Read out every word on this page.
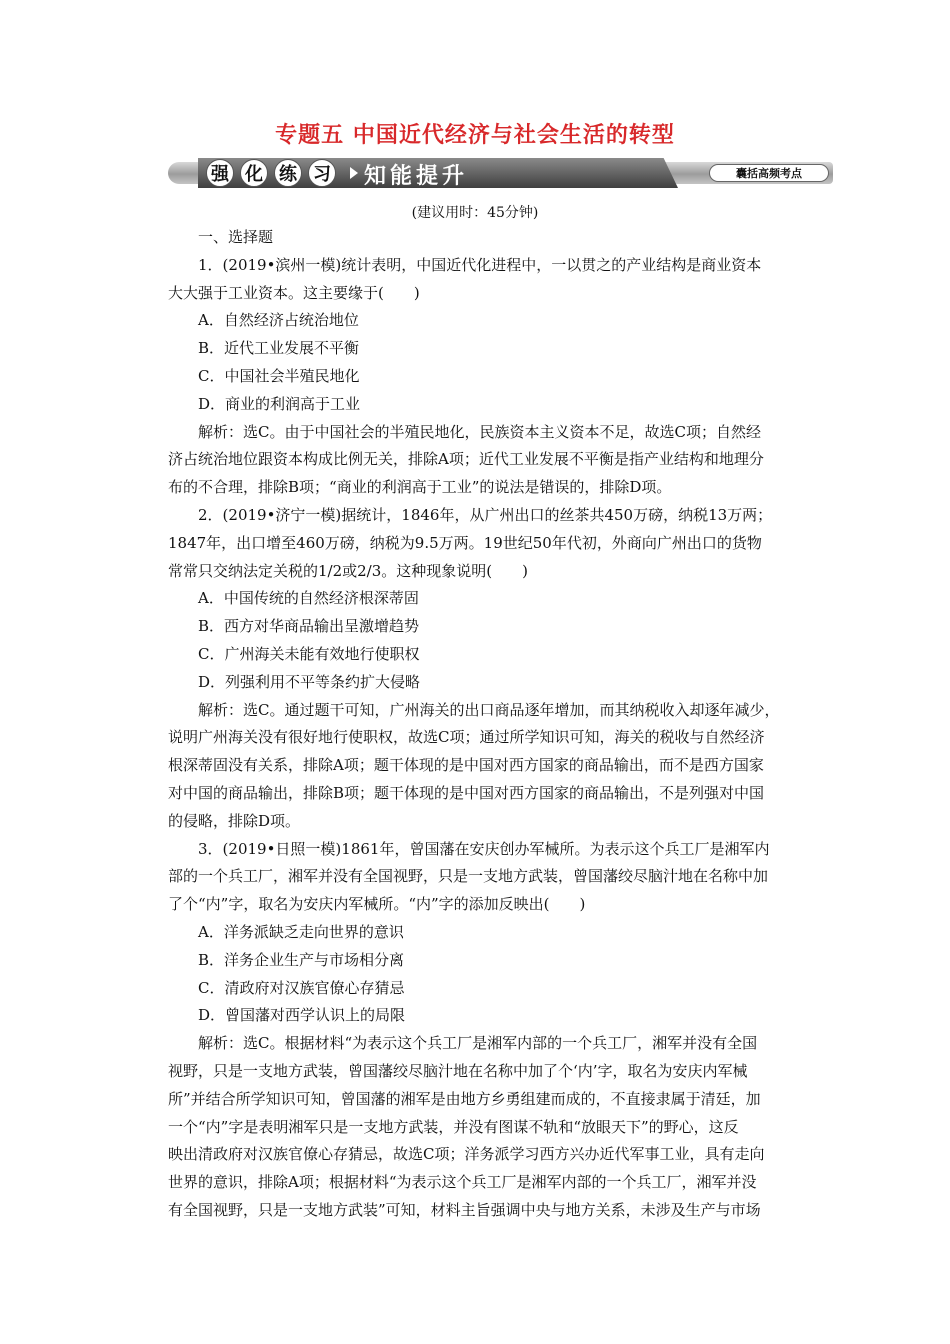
专题五 中国近代经济与社会生活的转型
强 化 练 习 知能提升	囊括高频考点
(建议用时：45分钟)
一、选择题
1．(2019•滨州一模)统计表明，中国近代化进程中，一以贯之的产业结构是商业资本
大大强于工业资本。这主要缘于(　　)
A．自然经济占统治地位
B．近代工业发展不平衡
C．中国社会半殖民地化
D．商业的利润高于工业
解析：选C。由于中国社会的半殖民地化，民族资本主义资本不足，故选C项；自然经
济占统治地位跟资本构成比例无关，排除A项；近代工业发展不平衡是指产业结构和地理分
布的不合理，排除B项；“商业的利润高于工业”的说法是错误的，排除D项。
2．(2019•济宁一模)据统计，1846年，从广州出口的丝茶共450万磅，纳税13万两；
1847年，出口增至460万磅，纳税为9.5万两。19世纪50年代初，外商向广州出口的货物
常常只交纳法定关税的1/2或2/3。这种现象说明(　　)
A．中国传统的自然经济根深蒂固
B．西方对华商品输出呈激增趋势
C．广州海关未能有效地行使职权
D．列强利用不平等条约扩大侵略
解析：选C。通过题干可知，广州海关的出口商品逐年增加，而其纳税收入却逐年减少，
说明广州海关没有很好地行使职权，故选C项；通过所学知识可知，海关的税收与自然经济
根深蒂固没有关系，排除A项；题干体现的是中国对西方国家的商品输出，而不是西方国家
对中国的商品输出，排除B项；题干体现的是中国对西方国家的商品输出，不是列强对中国
的侵略，排除D项。
3．(2019•日照一模)1861年，曾国藩在安庆创办军械所。为表示这个兵工厂是湘军内
部的一个兵工厂，湘军并没有全国视野，只是一支地方武装，曾国藩绞尽脑汁地在名称中加
了个“内”字，取名为安庆内军械所。“内”字的添加反映出(　　)
A．洋务派缺乏走向世界的意识
B．洋务企业生产与市场相分离
C．清政府对汉族官僚心存猜忌
D．曾国藩对西学认识上的局限
解析：选C。根据材料“为表示这个兵工厂是湘军内部的一个兵工厂，湘军并没有全国
视野，只是一支地方武装，曾国藩绞尽脑汁地在名称中加了个‘内’字，取名为安庆内军械
所”并结合所学知识可知，曾国藩的湘军是由地方乡勇组建而成的，不直接隶属于清廷，加
一个“内”字是表明湘军只是一支地方武装，并没有图谋不轨和“放眼天下”的野心，这反
映出清政府对汉族官僚心存猜忌，故选C项；洋务派学习西方兴办近代军事工业，具有走向
世界的意识，排除A项；根据材料“为表示这个兵工厂是湘军内部的一个兵工厂，湘军并没
有全国视野，只是一支地方武装”可知，材料主旨强调中央与地方关系，未涉及生产与市场
